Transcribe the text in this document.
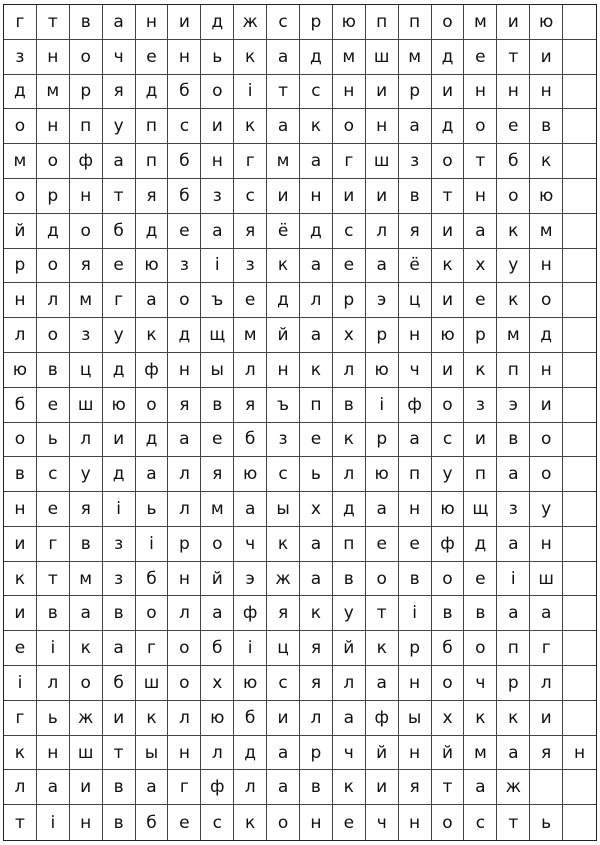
г	т	в	а	н	и	д	ж	с	р	ю	п	п	о	м	и	ю
з	н	о	ч	е	н	ь	к	а	д	м	ш	м	д	е	т	и
д	м	р	я	д	б	о	і	т	с	н	и	р	и	н	н	н
о	н	п	у	п	с	и	к	а	к	о	н	а	д	о	е	в
м	о	ф	а	п	б	н	г	м	а	г	ш	з	о	т	б	к
о	р	н	т	я	б	з	с	и	н	и	и	в	т	н	о	ю
й	д	о	б	д	е	а	я	ё	д	с	л	я	и	а	к	м
р	о	я	е	ю	з	і	з	к	а	е	а	ё	к	х	у	н
н	л	м	г	а	о	ъ	е	д	л	р	э	ц	и	е	к	о
л	о	з	у	к	д	щ	м	й	а	х	р	н	ю	р	м	д
ю	в	ц	д	ф	н	ы	л	н	к	л	ю	ч	и	к	п	н
б	е	ш	ю	о	я	в	я	ъ	п	в	і	ф	о	з	э	и
о	ь	л	и	д	а	е	б	з	е	к	р	а	с	и	в	о
в	с	у	д	а	л	я	ю	с	ь	л	ю	п	у	п	а	о
н	е	я	і	ь	л	м	а	ы	х	д	а	н	ю	щ	з	у
и	г	в	з	і	р	о	ч	к	а	п	е	е	ф	д	а	н
к	т	м	з	б	н	й	э	ж	а	в	о	в	о	е	і	ш
и	в	а	в	о	л	а	ф	я	к	у	т	і	в	в	а	а
е	і	к	а	г	о	б	і	ц	я	й	к	р	б	о	п	г
і	л	о	б	ш	о	х	ю	с	я	л	а	н	о	ч	р	л
г	ь	ж	и	к	л	ю	б	и	л	а	ф	ы	х	к	к	и
к	н	ш	т	ы	н	л	д	а	р	ч	й	н	й	м	а	я	н
л	а	и	в	а	г	ф	л	а	в	к	и	я	т	а	ж
т	і	н	в	б	е	с	к	о	н	е	ч	н	о	с	т	ь
